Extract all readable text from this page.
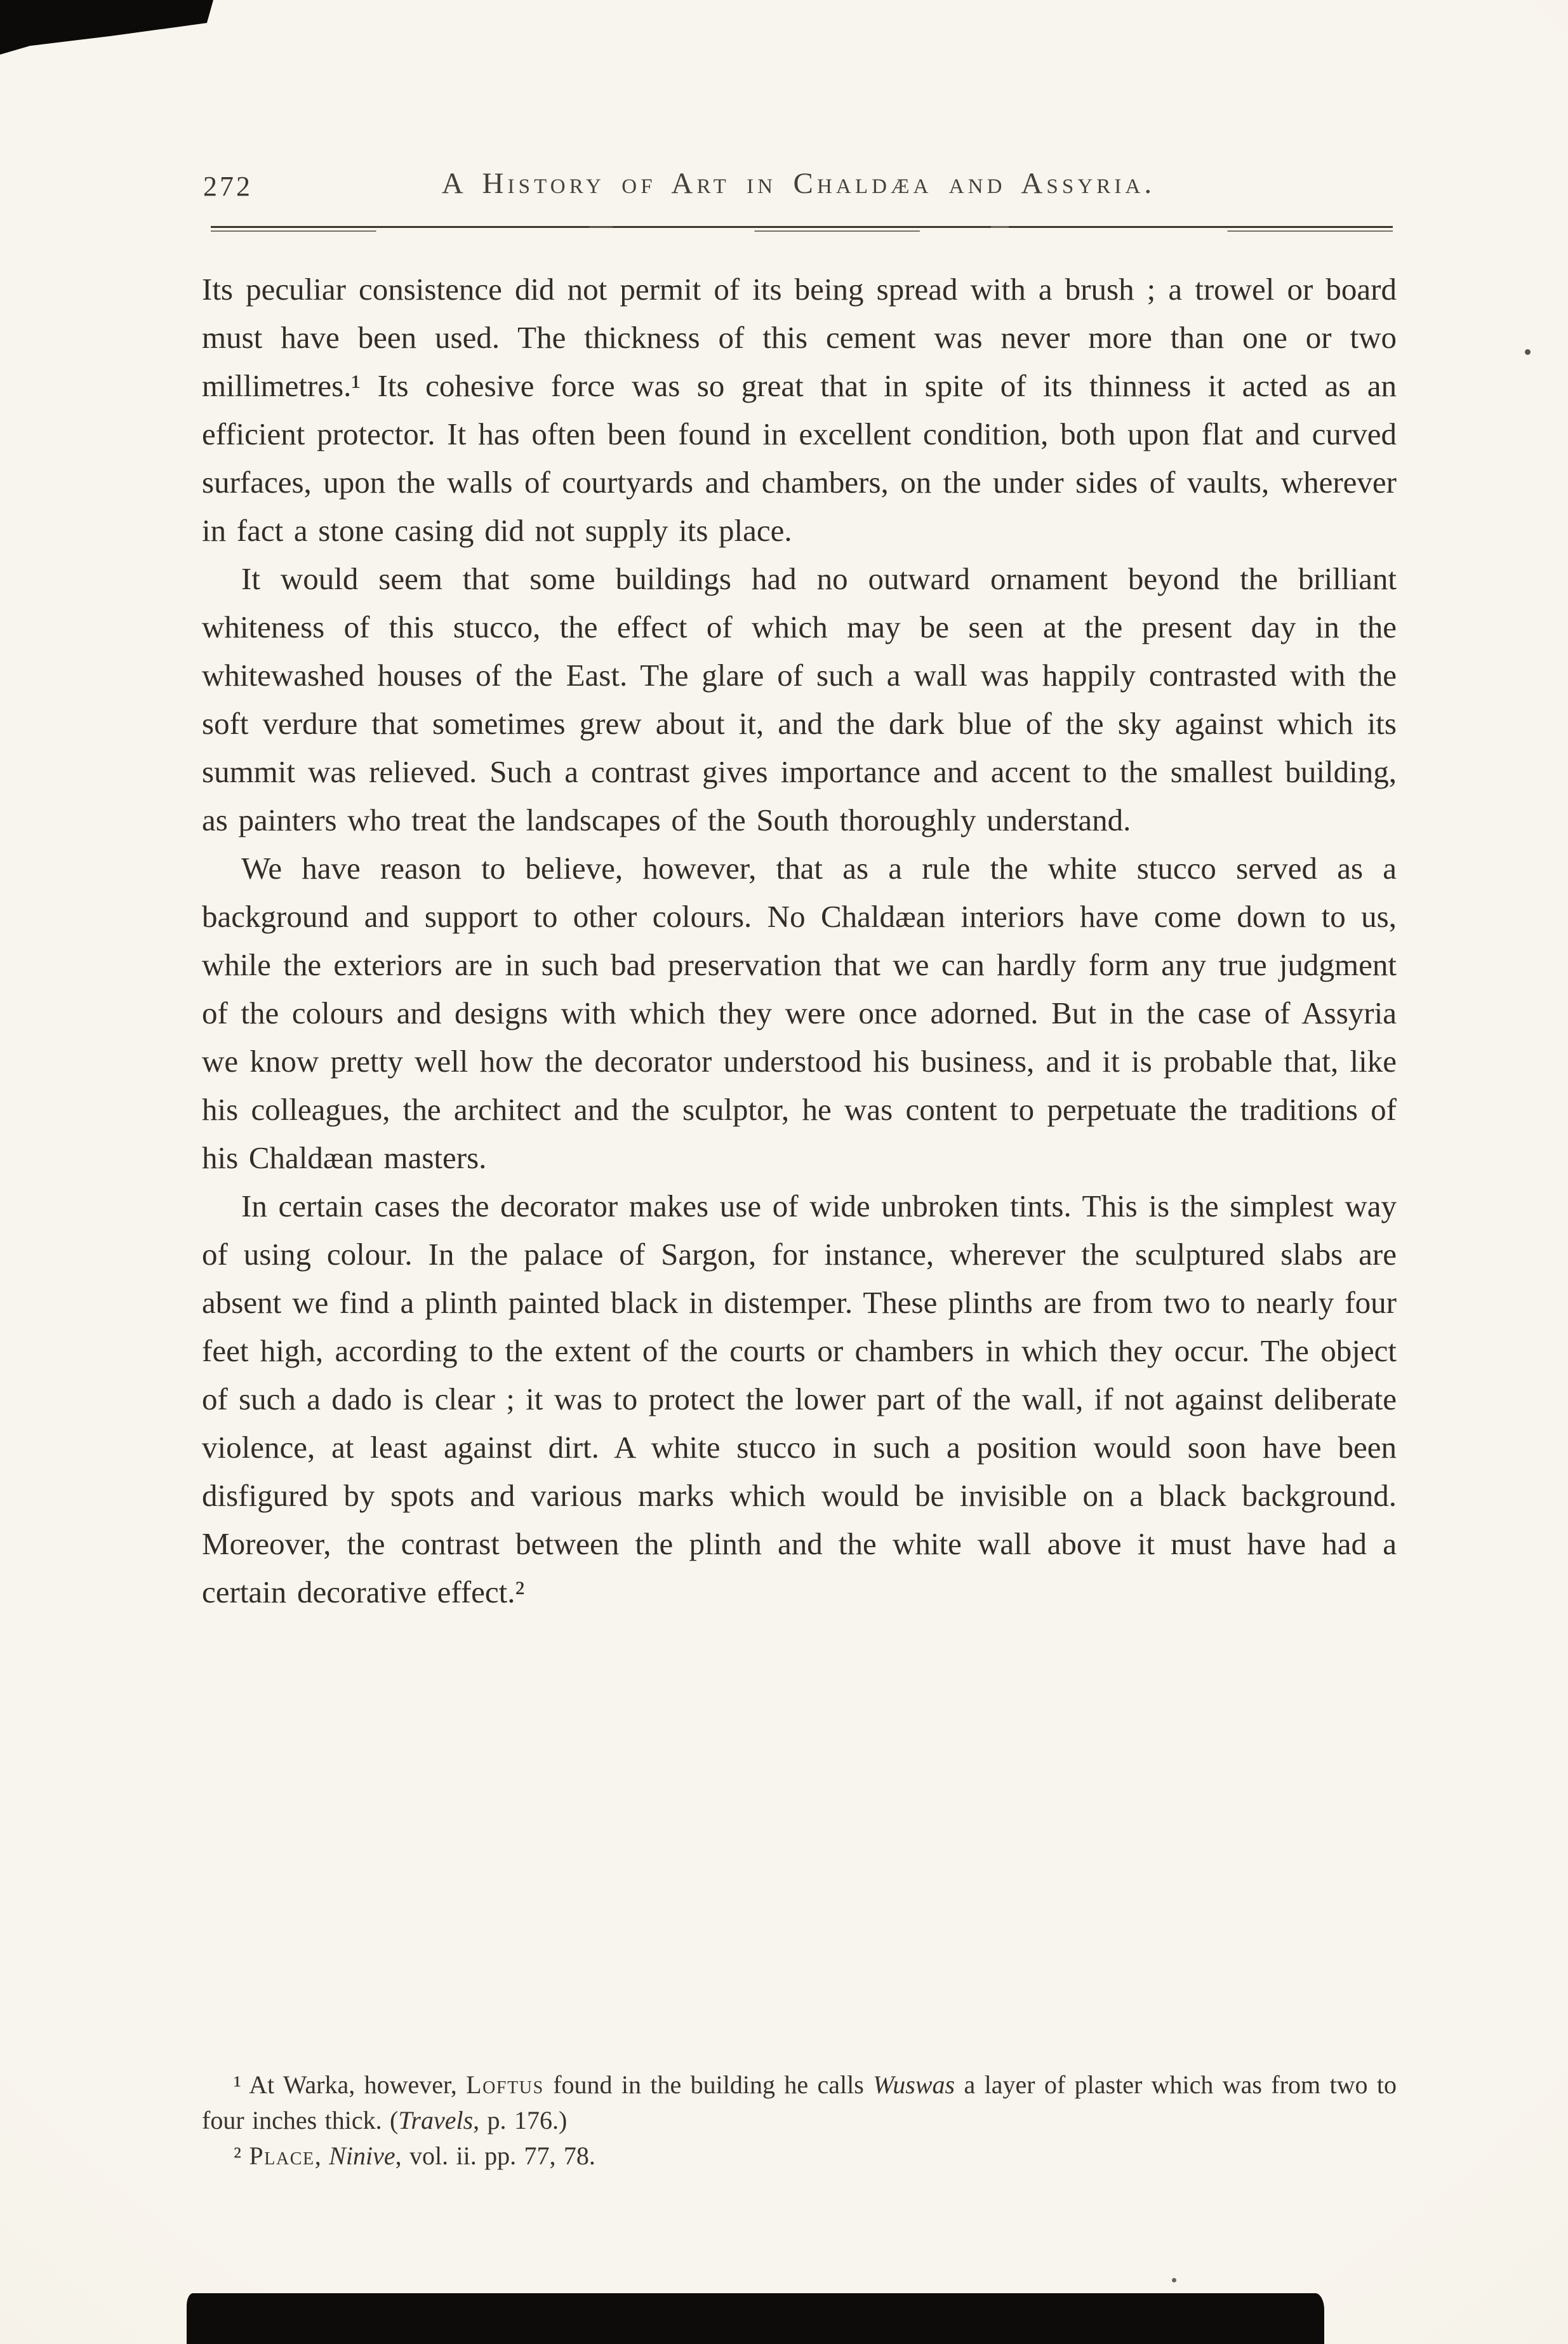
272	A History of Art in Chaldæa and Assyria.

Its peculiar consistence did not permit of its being spread with a brush ; a trowel or board must have been used. The thickness of this cement was never more than one or two millimetres.¹ Its cohesive force was so great that in spite of its thinness it acted as an efficient protector. It has often been found in excellent condition, both upon flat and curved surfaces, upon the walls of courtyards and chambers, on the under sides of vaults, wherever in fact a stone casing did not supply its place.

It would seem that some buildings had no outward ornament beyond the brilliant whiteness of this stucco, the effect of which may be seen at the present day in the whitewashed houses of the East. The glare of such a wall was happily contrasted with the soft verdure that sometimes grew about it, and the dark blue of the sky against which its summit was relieved. Such a contrast gives importance and accent to the smallest building, as painters who treat the landscapes of the South thoroughly understand.

We have reason to believe, however, that as a rule the white stucco served as a background and support to other colours. No Chaldæan interiors have come down to us, while the exteriors are in such bad preservation that we can hardly form any true judgment of the colours and designs with which they were once adorned. But in the case of Assyria we know pretty well how the decorator understood his business, and it is probable that, like his colleagues, the architect and the sculptor, he was content to perpetuate the traditions of his Chaldæan masters.

In certain cases the decorator makes use of wide unbroken tints. This is the simplest way of using colour. In the palace of Sargon, for instance, wherever the sculptured slabs are absent we find a plinth painted black in distemper. These plinths are from two to nearly four feet high, according to the extent of the courts or chambers in which they occur. The object of such a dado is clear ; it was to protect the lower part of the wall, if not against deliberate violence, at least against dirt. A white stucco in such a position would soon have been disfigured by spots and various marks which would be invisible on a black background. Moreover, the contrast between the plinth and the white wall above it must have had a certain decorative effect.²

¹ At Warka, however, Loftus found in the building he calls Wuswas a layer of plaster which was from two to four inches thick. (Travels, p. 176.)

² Place, Ninive, vol. ii. pp. 77, 78.
